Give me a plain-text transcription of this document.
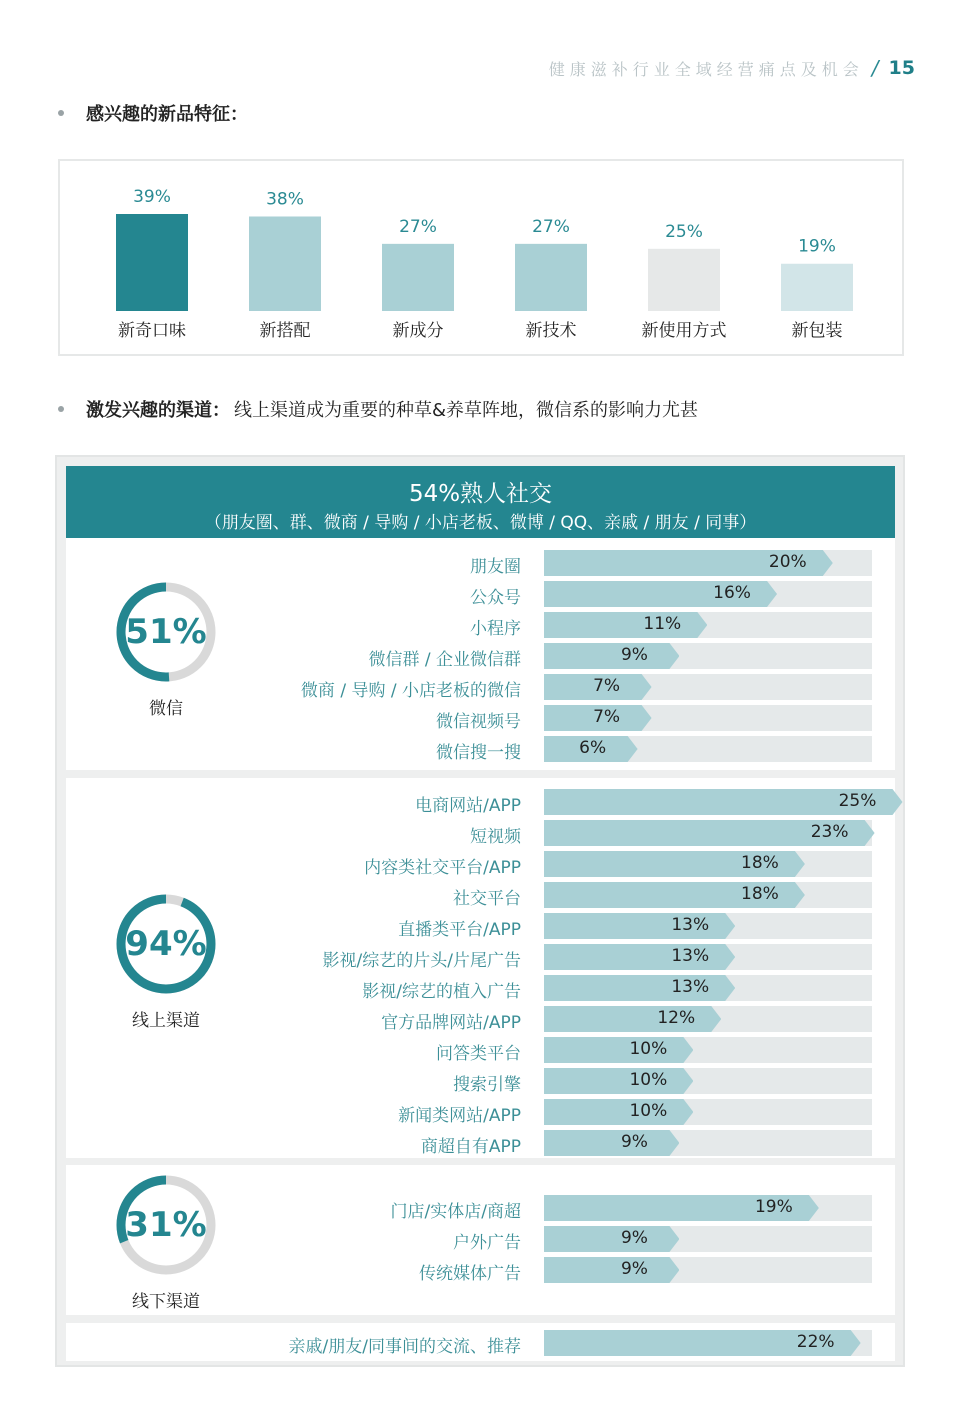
健康滋补行业全域经营痛点及机会 / 15
感兴趣的新品特征：
39%
新奇口味
38%
新搭配
27%
新成分
27%
新技术
25%
新使用方式
19%
新包装
激发兴趣的渠道： 线上渠道成为重要的种草&养草阵地，微信系的影响力尤甚
54%熟人社交
（朋友圈、群、微商 / 导购 / 小店老板、微博 / QQ、亲戚 / 朋友 / 同事）
51%
微信
朋友圈	20%
公众号	16%
小程序	11%
微信群 / 企业微信群	9%
微商 / 导购 / 小店老板的微信	7%
微信视频号	7%
微信搜一搜	6%
94%
线上渠道
电商网站/APP	25%
短视频	23%
内容类社交平台/APP	18%
社交平台	18%
直播类平台/APP	13%
影视/综艺的片头/片尾广告	13%
影视/综艺的植入广告	13%
官方品牌网站/APP	12%
问答类平台	10%
搜索引擎	10%
新闻类网站/APP	10%
商超自有APP	9%
31%
线下渠道
门店/实体店/商超	19%
户外广告	9%
传统媒体广告	9%
亲戚/朋友/同事间的交流、推荐	22%
